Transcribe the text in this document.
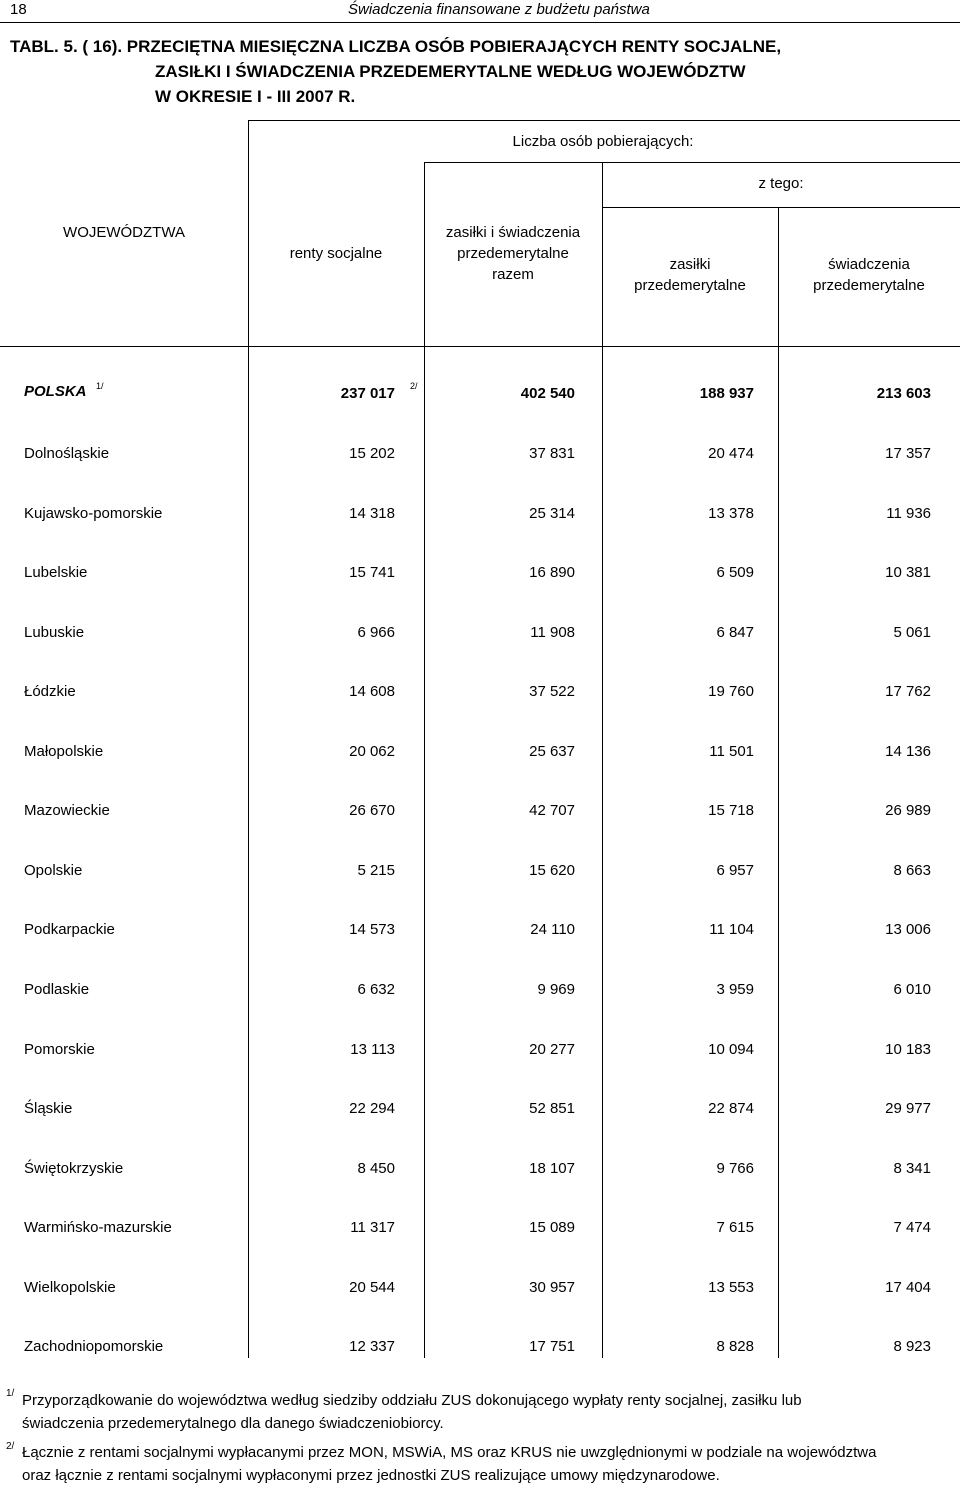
18	Świadczenia finansowane z budżetu państwa
TABL. 5. ( 16). PRZECIĘTNA MIESIĘCZNA LICZBA OSÓB POBIERAJĄCYCH RENTY SOCJALNE,
ZASIŁKI I ŚWIADCZENIA PRZEDEMERYTALNE WEDŁUG WOJEWÓDZTW
W OKRESIE I - III 2007 R.
Liczba osób pobierających:
z tego:
WOJEWÓDZTWA
renty socjalne
zasiłki i świadczenia
przedemerytalne
razem
zasiłki
przedemerytalne
świadczenia
przedemerytalne
POLSKA 1/	237 017 2/	402 540	188 937	213 603
Dolnośląskie	15 202	37 831	20 474	17 357
Kujawsko-pomorskie	14 318	25 314	13 378	11 936
Lubelskie	15 741	16 890	6 509	10 381
Lubuskie	6 966	11 908	6 847	5 061
Łódzkie	14 608	37 522	19 760	17 762
Małopolskie	20 062	25 637	11 501	14 136
Mazowieckie	26 670	42 707	15 718	26 989
Opolskie	5 215	15 620	6 957	8 663
Podkarpackie	14 573	24 110	11 104	13 006
Podlaskie	6 632	9 969	3 959	6 010
Pomorskie	13 113	20 277	10 094	10 183
Śląskie	22 294	52 851	22 874	29 977
Świętokrzyskie	8 450	18 107	9 766	8 341
Warmińsko-mazurskie	11 317	15 089	7 615	7 474
Wielkopolskie	20 544	30 957	13 553	17 404
Zachodniopomorskie	12 337	17 751	8 828	8 923
1/ Przyporządkowanie do województwa według siedziby oddziału ZUS dokonującego wypłaty renty socjalnej, zasiłku lub
świadczenia przedemerytalnego dla danego świadczeniobiorcy.
2/ Łącznie z rentami socjalnymi wypłacanymi przez MON, MSWiA, MS oraz KRUS nie uwzględnionymi w podziale na województwa
oraz łącznie z rentami socjalnymi wypłaconymi przez jednostki ZUS realizujące umowy międzynarodowe.
